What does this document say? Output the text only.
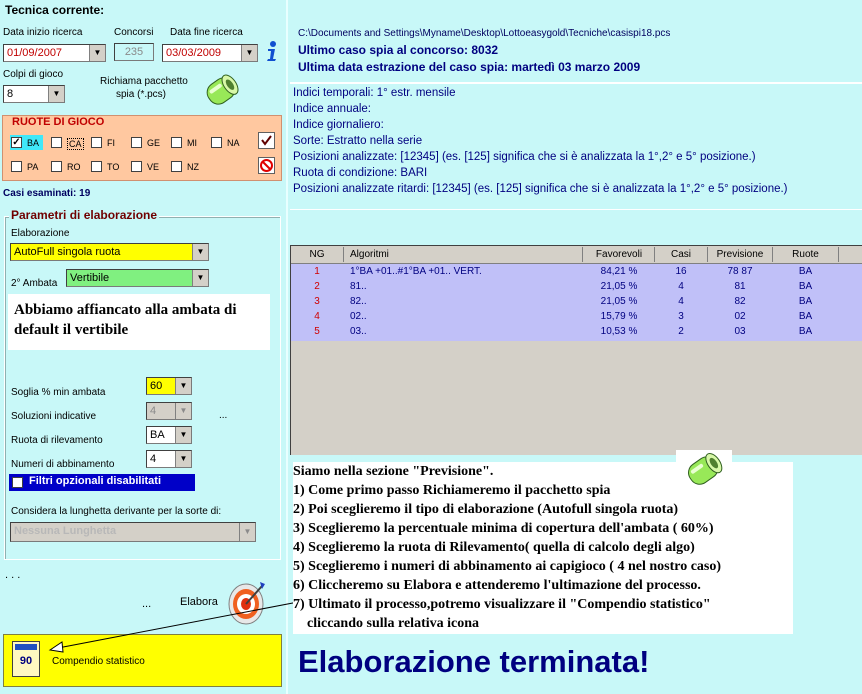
Tecnica corrente:
Data inizio ricerca
01/09/2007	▼
Concorsi
235
Data fine ricerca
03/03/2009	▼
Colpi di gioco
8	▼
Richiama pacchetto
spia (*.pcs)
RUOTE DI GIOCO
✓ BA	CA	FI	GE	MI	NA
PA	RO	TO	VE	NZ
Casi esaminati: 19
Parametri di elaborazione
Elaborazione
AutoFull singola ruota	▼
2° Ambata	Vertibile	▼
Abbiamo affiancato alla ambata di default il vertibile
Soglia % min ambata
60	▼
Soluzioni indicative	4	▼	...
Ruota di rilevamento	BA	▼
Numeri di abbinamento	4	▼
Filtri opzionali disabilitati
Considera la lunghetta derivante per la sorte di:
Nessuna Lunghetta	▼
. . .
...	Elabora
90	Compendio statistico
C:\Documents and Settings\Myname\Desktop\Lottoeasygold\Tecniche\casispi18.pcs
Ultimo caso spia al concorso: 8032
Ultima data estrazione del caso spia: martedì 03 marzo 2009
Indici temporali: 1° estr. mensile
Indice annuale:
Indice giornaliero:
Sorte: Estratto nella serie
Posizioni analizzate: [12345] (es. [125] significa che si è analizzata la 1°,2° e 5° posizione.)
Ruota di condizione: BARI
Posizioni analizzate ritardi: [12345] (es. [125] significa che si è analizzata la 1°,2° e 5° posizione.)
NG	Algoritmi	Favorevoli	Casi	Previsione	Ruote
1	1°BA +01..#1°BA +01.. VERT.	84,21 %	16	78 87	BA
2	81..	21,05 %	4	81	BA
3	82..	21,05 %	4	82	BA
4	02..	15,79 %	3	02	BA
5	03..	10,53 %	2	03	BA
Siamo nella sezione "Previsione".
1) Come primo passo Richiameremo il pacchetto spia
2) Poi sceglieremo il tipo di elaborazione (Autofull singola ruota)
3) Sceglieremo la percentuale minima di copertura dell'ambata ( 60%)
4) Sceglieremo la ruota di Rilevamento( quella di calcolo degli algo)
5) Sceglieremo i numeri di abbinamento ai capigioco ( 4 nel nostro caso)
6) Cliccheremo su Elabora e attenderemo l'ultimazione del processo.
7) Ultimato il processo,potremo visualizzare il "Compendio statistico"
cliccando sulla relativa icona
Elaborazione terminata!
